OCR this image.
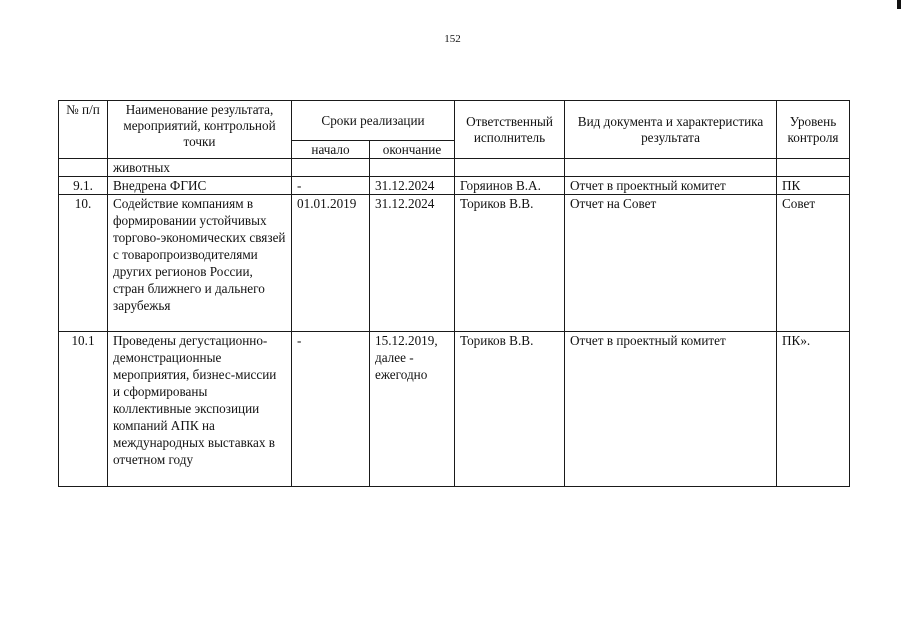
152
№ п/п	Наименование результата, мероприятий, контрольной точки	Сроки реализации		Ответственный исполнитель	Вид документа и характеристика результата	Уровень контроля
		начало	окончание			
	животных					
9.1.	Внедрена ФГИС	-	31.12.2024	Горяинов В.А.	Отчет в проектный комитет	ПК
10.	Содействие компаниям в формировании устойчивых торгово-экономических связей с товаропроизводителями других регионов России, стран ближнего и дальнего зарубежья	01.01.2019	31.12.2024	Ториков В.В.	Отчет на Совет	Совет
10.1	Проведены дегустационно-демонстрационные мероприятия, бизнес-миссии и сформированы коллективные экспозиции компаний АПК на международных выставках в отчетном году	-	15.12.2019, далее - ежегодно	Ториков В.В.	Отчет в проектный комитет	ПК».
